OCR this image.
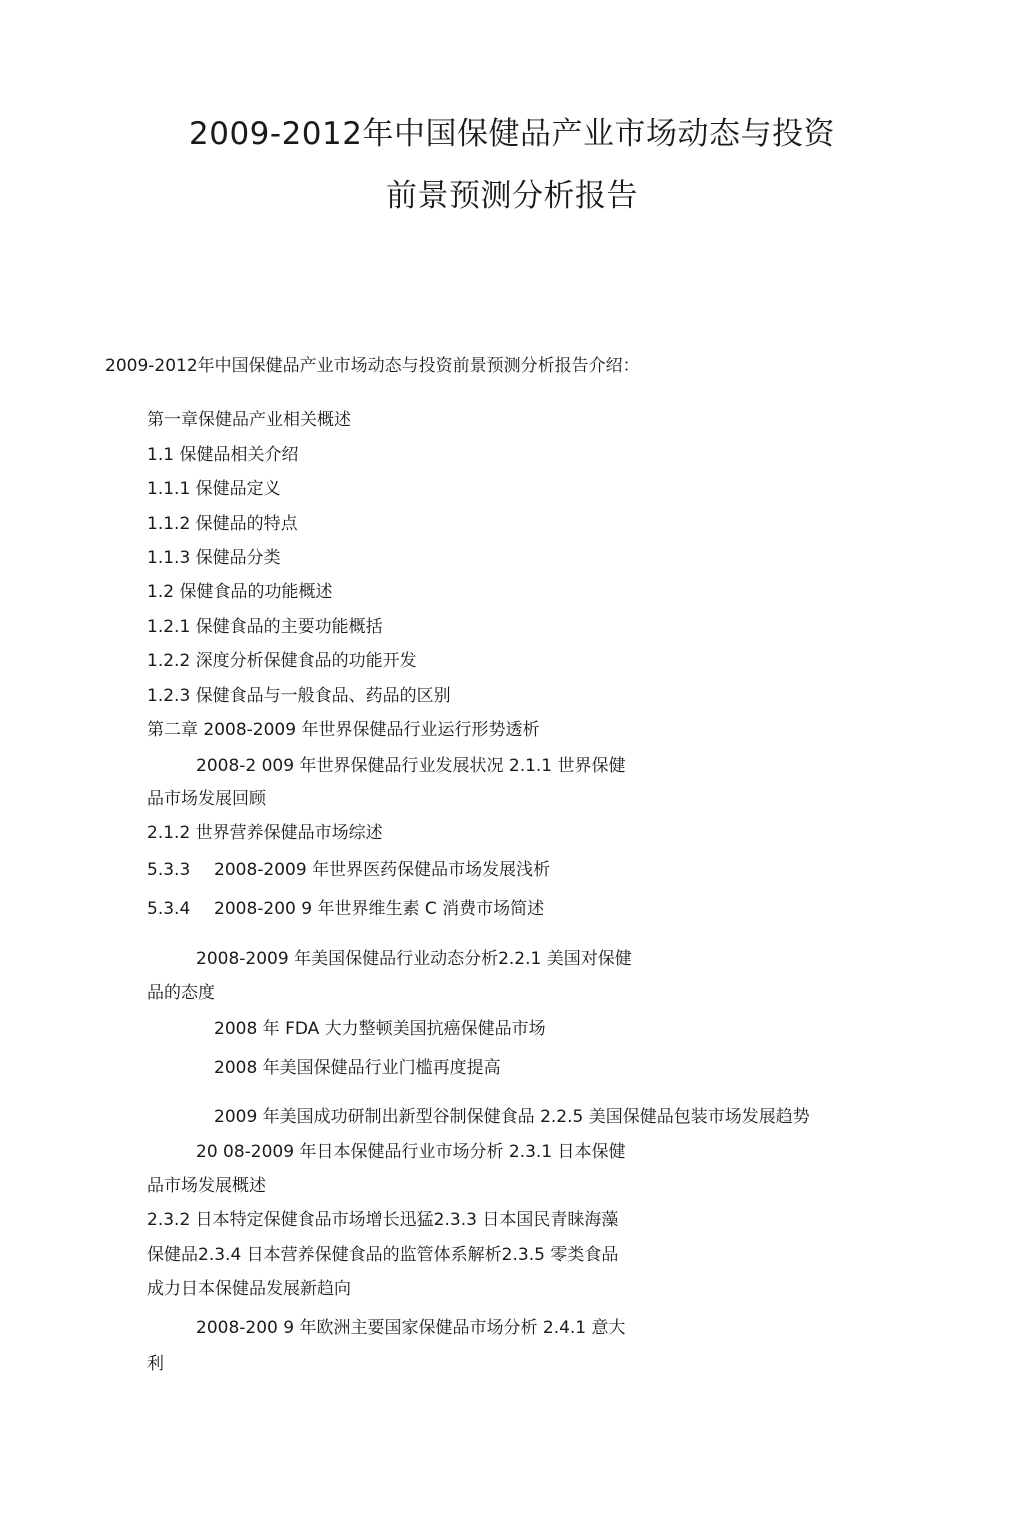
2009-2012年中国保健品产业市场动态与投资
前景预测分析报告
2009-2012年中国保健品产业市场动态与投资前景预测分析报告介绍：
第一章保健品产业相关概述
1.1 保健品相关介绍
1.1.1 保健品定义
1.1.2 保健品的特点
1.1.3 保健品分类
1.2 保健食品的功能概述
1.2.1 保健食品的主要功能概括
1.2.2 深度分析保健食品的功能开发
1.2.3 保健食品与一般食品、药品的区别
第二章 2008-2009 年世界保健品行业运行形势透析
2008-2 009 年世界保健品行业发展状况 2.1.1 世界保健
品市场发展回顾
2.1.2 世界营养保健品市场综述
5.3.3 2008-2009 年世界医药保健品市场发展浅析
5.3.4 2008-200 9 年世界维生素 C 消费市场简述
2008-2009 年美国保健品行业动态分析2.2.1 美国对保健
品的态度
2008 年 FDA 大力整顿美国抗癌保健品市场
2008 年美国保健品行业门槛再度提高
2009 年美国成功研制出新型谷制保健食品 2.2.5 美国保健品包装市场发展趋势
20 08-2009 年日本保健品行业市场分析 2.3.1 日本保健
品市场发展概述
2.3.2 日本特定保健食品市场增长迅猛2.3.3 日本国民青睐海藻
保健品2.3.4 日本营养保健食品的监管体系解析2.3.5 零类食品
成力日本保健品发展新趋向
2008-200 9 年欧洲主要国家保健品市场分析 2.4.1 意大
利
